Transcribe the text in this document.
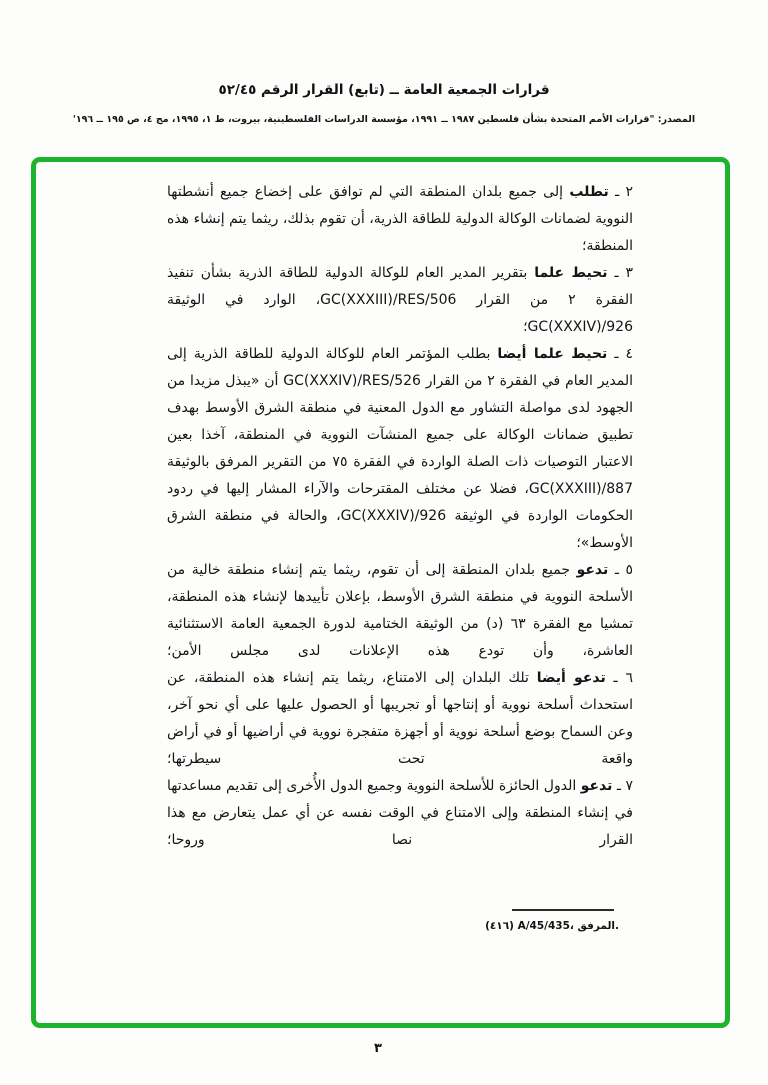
قرارات الجمعية العامة ــ (تابع) القرار الرقم ٥٢/٤٥
المصدر: "قرارات الأمم المتحدة بشأن فلسطين ١٩٨٧ ــ ١٩٩١، مؤسسة الدراسات الفلسطينية، بيروت، ط ١، ١٩٩٥، مج ٤، ص ١٩٥ ــ ١٩٦'

٢ ـ تطلب إلى جميع بلدان المنطقة التي لم توافق على إخضاع جميع أنشطتها النووية لضمانات الوكالة الدولية للطاقة الذرية، أن تقوم بذلك، ريثما يتم إنشاء هذه المنطقة؛

٣ ـ تحيط علما بتقرير المدير العام للوكالة الدولية للطاقة الذرية بشأن تنفيذ الفقرة ٢ من القرار GC(XXXIII)/RES/506، الوارد في الوثيقة GC(XXXIV)/926؛

٤ ـ تحيط علما أيضا بطلب المؤتمر العام للوكالة الدولية للطاقة الذرية إلى المدير العام في الفقرة ٢ من القرار GC(XXXIV)/RES/526 أن «يبذل مزيدا من الجهود لدى مواصلة التشاور مع الدول المعنية في منطقة الشرق الأوسط بهدف تطبيق ضمانات الوكالة على جميع المنشآت النووية في المنطقة، آخذا بعين الاعتبار التوصيات ذات الصلة الواردة في الفقرة ٧٥ من التقرير المرفق بالوثيقة GC(XXXIII)/887، فضلا عن مختلف المقترحات والآراء المشار إليها في ردود الحكومات الواردة في الوثيقة GC(XXXIV)/926، والحالة في منطقة الشرق الأوسط»؛

٥ ـ تدعو جميع بلدان المنطقة إلى أن تقوم، ريثما يتم إنشاء منطقة خالية من الأسلحة النووية في منطقة الشرق الأوسط، بإعلان تأييدها لإنشاء هذه المنطقة، تمشيا مع الفقرة ٦٣ (د) من الوثيقة الختامية لدورة الجمعية العامة الاستثنائية العاشرة، وأن تودع هذه الإعلانات لدى مجلس الأمن؛

٦ ـ تدعو أيضا تلك البلدان إلى الامتناع، ريثما يتم إنشاء هذه المنطقة، عن استحداث أسلحة نووية أو إنتاجها أو تجريبها أو الحصول عليها على أي نحو آخر، وعن السماح بوضع أسلحة نووية أو أجهزة متفجرة نووية في أراضيها أو في أراض واقعة تحت سيطرتها؛

٧ ـ تدعو الدول الحائزة للأسلحة النووية وجميع الدول الأُخرى إلى تقديم مساعدتها في إنشاء المنطقة وإلى الامتناع في الوقت نفسه عن أي عمل يتعارض مع هذا القرار نصا وروحا؛

(٤١٦) A/45/435، المرفق.
٣
